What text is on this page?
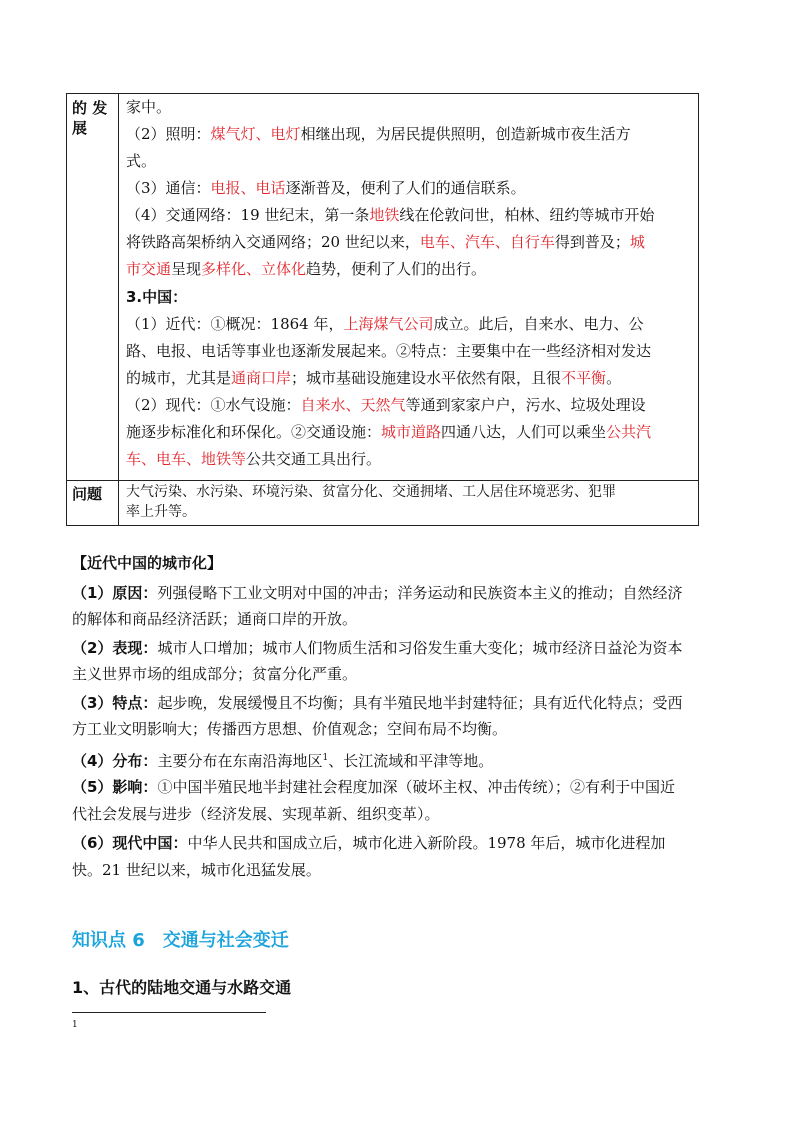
的 发展
家中。
（2）照明：煤气灯、电灯相继出现，为居民提供照明，创造新城市夜生活方
式。
（3）通信：电报、电话逐渐普及，便利了人们的通信联系。
（4）交通网络：19 世纪末，第一条地铁线在伦敦问世，柏林、纽约等城市开始
将铁路高架桥纳入交通网络；20 世纪以来，电车、汽车、自行车得到普及；城
市交通呈现多样化、立体化趋势，便利了人们的出行。
3.中国：
（1）近代：①概况：1864 年，上海煤气公司成立。此后，自来水、电力、公
路、电报、电话等事业也逐渐发展起来。②特点：主要集中在一些经济相对发达
的城市，尤其是通商口岸；城市基础设施建设水平依然有限，且很不平衡。
（2）现代：①水气设施：自来水、天然气等通到家家户户，污水、垃圾处理设
施逐步标准化和环保化。②交通设施：城市道路四通八达，人们可以乘坐公共汽
车、电车、地铁等公共交通工具出行。
问题 大气污染、水污染、环境污染、贫富分化、交通拥堵、工人居住环境恶劣、犯罪
率上升等。
【近代中国的城市化】
（1）原因：列强侵略下工业文明对中国的冲击；洋务运动和民族资本主义的推动；自然经济
的解体和商品经济活跃；通商口岸的开放。
（2）表现：城市人口增加；城市人们物质生活和习俗发生重大变化；城市经济日益沦为资本
主义世界市场的组成部分；贫富分化严重。
（3）特点：起步晚，发展缓慢且不均衡；具有半殖民地半封建特征；具有近代化特点；受西
方工业文明影响大；传播西方思想、价值观念；空间布局不均衡。
（4）分布：主要分布在东南沿海地区$^1$、长江流域和平津等地。
（5）影响：①中国半殖民地半封建社会程度加深（破坏主权、冲击传统）；②有利于中国近
代社会发展与进步（经济发展、实现革新、组织变革）。
（6）现代中国：中华人民共和国成立后，城市化进入新阶段。1978 年后，城市化进程加
快。21 世纪以来，城市化迅猛发展。
知识点 6　交通与社会变迁
1、古代的陆地交通与水路交通
1
